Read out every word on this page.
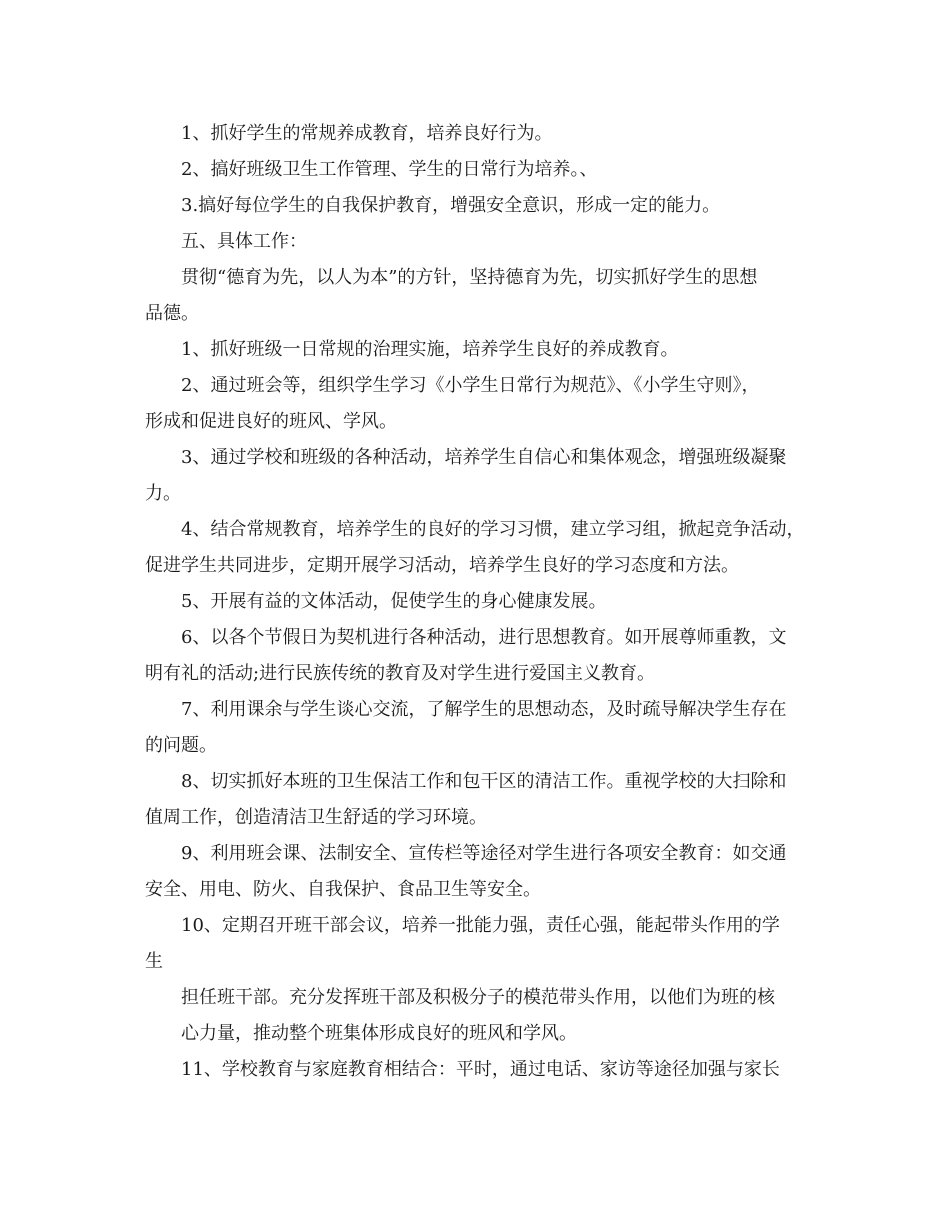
1、抓好学生的常规养成教育，培养良好行为。
2、搞好班级卫生工作管理、学生的日常行为培养。、
3.搞好每位学生的自我保护教育，增强安全意识，形成一定的能力。
五、具体工作：
贯彻“德育为先，以人为本”的方针，坚持德育为先，切实抓好学生的思想
品德。
1、抓好班级一日常规的治理实施，培养学生良好的养成教育。
2、通过班会等，组织学生学习《小学生日常行为规范》、《小学生守则》，
形成和促进良好的班风、学风。
3、通过学校和班级的各种活动，培养学生自信心和集体观念，增强班级凝聚
力。
4、结合常规教育，培养学生的良好的学习习惯，建立学习组，掀起竞争活动，
促进学生共同进步，定期开展学习活动，培养学生良好的学习态度和方法。
5、开展有益的文体活动，促使学生的身心健康发展。
6、以各个节假日为契机进行各种活动，进行思想教育。如开展尊师重教，文
明有礼的活动;进行民族传统的教育及对学生进行爱国主义教育。
7、利用课余与学生谈心交流，了解学生的思想动态，及时疏导解决学生存在
的问题。
8、切实抓好本班的卫生保洁工作和包干区的清洁工作。重视学校的大扫除和
值周工作，创造清洁卫生舒适的学习环境。
9、利用班会课、法制安全、宣传栏等途径对学生进行各项安全教育：如交通
安全、用电、防火、自我保护、食品卫生等安全。
10、定期召开班干部会议，培养一批能力强，责任心强，能起带头作用的学
生
担任班干部。充分发挥班干部及积极分子的模范带头作用，以他们为班的核
心力量，推动整个班集体形成良好的班风和学风。
11、学校教育与家庭教育相结合：平时，通过电话、家访等途径加强与家长
